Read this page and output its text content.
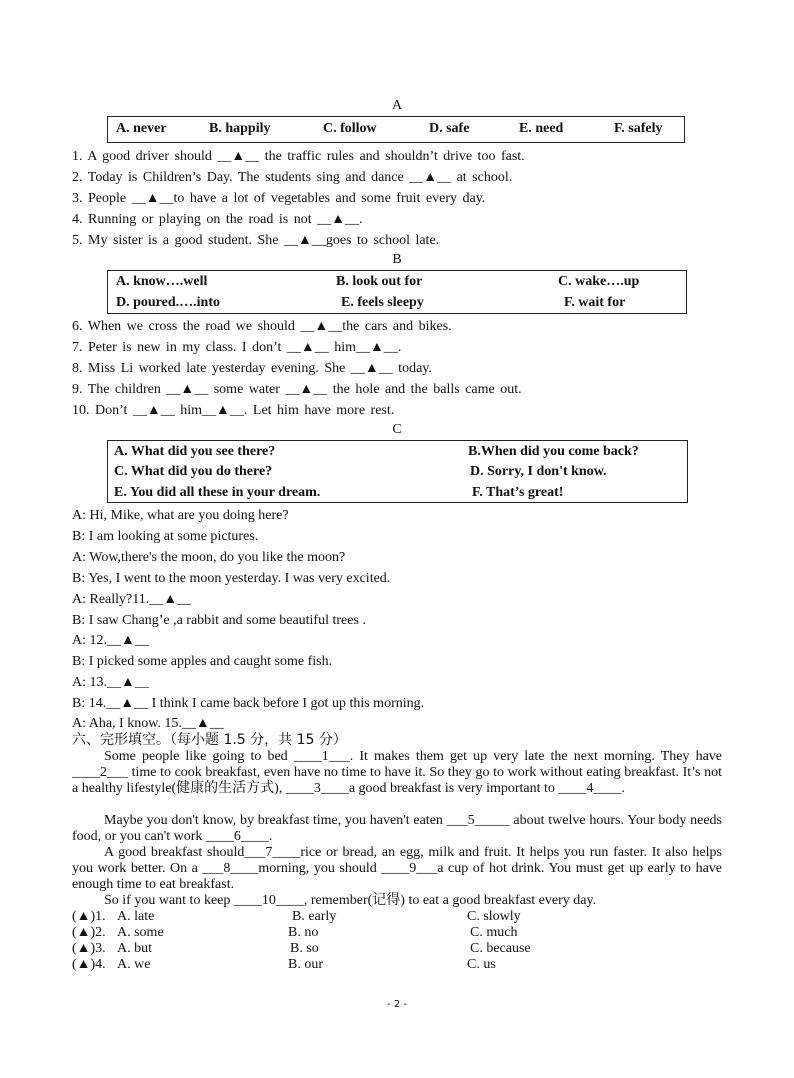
A
A. never	B. happily	C. follow	D. safe	E. need	F. safely
1. A good driver should __▲__ the traffic rules and shouldn’t drive too fast.
2. Today is Children’s Day. The students sing and dance __▲__ at school.
3. People __▲__to have a lot of vegetables and some fruit every day.
4. Running or playing on the road is not __▲__.
5. My sister is a good student. She __▲__goes to school late.
B
A. know….well	B. look out for	C. wake….up
D. poured.….into	E. feels sleepy	F. wait for
6. When we cross the road we should __▲__the cars and bikes.
7. Peter is new in my class. I don’t __▲__ him__▲__.
8. Miss Li worked late yesterday evening. She __▲__ today.
9. The children __▲__ some water __▲__ the hole and the balls came out.
10. Don’t __▲__ him__▲__. Let him have more rest.
C
A. What did you see there?	B.When did you come back?
C. What did you do there?	D. Sorry, I don't know.
E. You did all these in your dream.	F. That’s great!
A: Hi, Mike, what are you doing here?
B: I am looking at some pictures.
A: Wow,there's the moon, do you like the moon?
B: Yes, I went to the moon yesterday. I was very excited.
A: Really?11.__▲__
B: I saw Chang’e ,a rabbit and some beautiful trees .
A: 12.__▲__
B: I picked some apples and caught some fish.
A: 13.__▲__
B: 14.__▲__ I think I came back before I got up this morning.
A: Aha, I know. 15.__▲__
六、完形填空。（每小题 1.5 分，共 15 分）
Some people like going to bed ____1___. It makes them get up very late the next morning. They have ____2___ time to cook breakfast, even have no time to have it. So they go to work without eating breakfast. It’s not a healthy lifestyle(健康的生活方式), ____3____a good breakfast is very important to ____4____.
Maybe you don't know, by breakfast time, you haven't eaten ___5_____ about twelve hours. Your body needs food, or you can't work ____6____.
A good breakfast should___7____rice or bread, an egg, milk and fruit. It helps you run faster. It also helps you work better. On a ___8____morning, you should ____9___a cup of hot drink. You must get up early to have enough time to eat breakfast.
So if you want to keep ____10____, remember(记得) to eat a good breakfast every day.
(▲)1. A. late	B. early	C. slowly
(▲)2. A. some	B. no	C. much
(▲)3. A. but	B. so	C. because
(▲)4. A. we	B. our	C. us
- 2 -
